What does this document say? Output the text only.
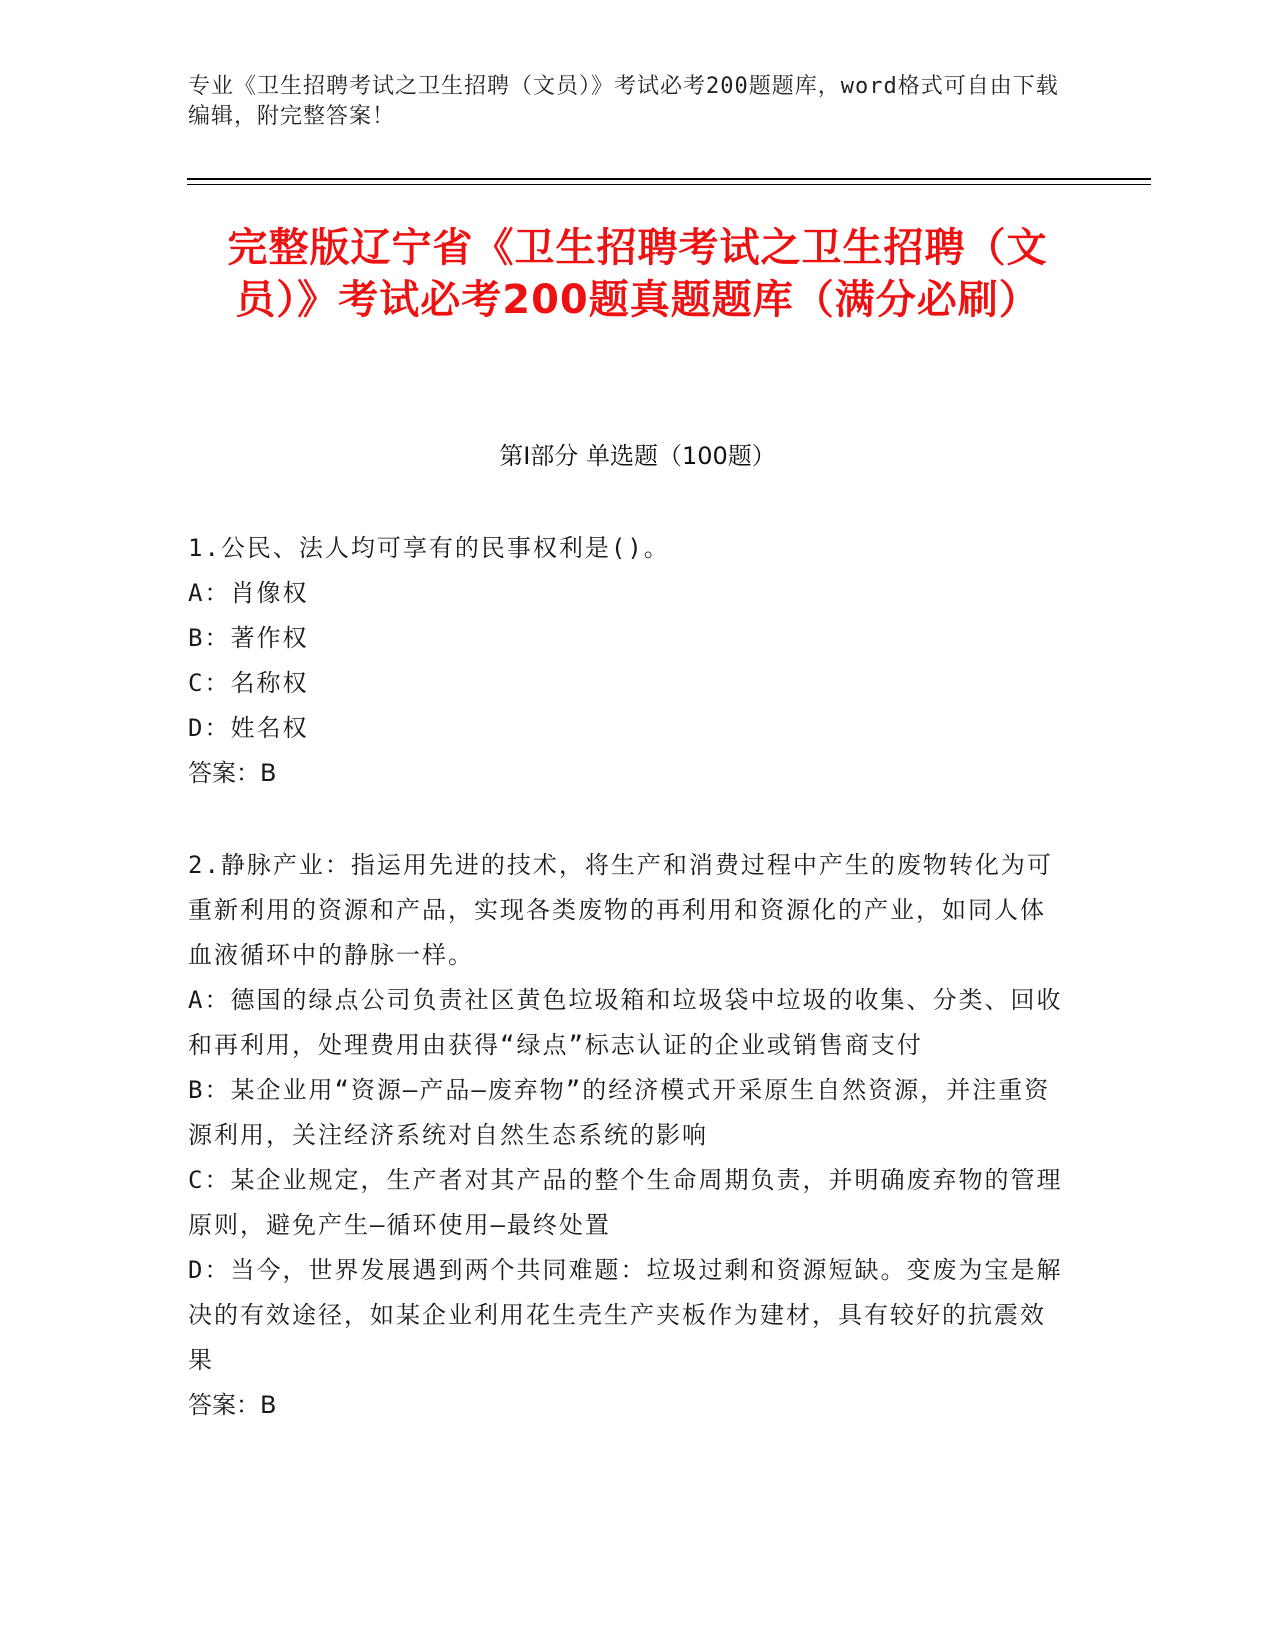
专业《卫生招聘考试之卫生招聘（文员）》考试必考200题题库，word格式可自由下载编辑，附完整答案！
完整版辽宁省《卫生招聘考试之卫生招聘（文员）》考试必考200题真题题库（满分必刷）
第Ⅰ部分 单选题（100题）
1.公民、法人均可享有的民事权利是()。
A：肖像权
B：著作权
C：名称权
D：姓名权
答案：B
2.静脉产业：指运用先进的技术，将生产和消费过程中产生的废物转化为可重新利用的资源和产品，实现各类废物的再利用和资源化的产业，如同人体血液循环中的静脉一样。
A：德国的绿点公司负责社区黄色垃圾箱和垃圾袋中垃圾的收集、分类、回收和再利用，处理费用由获得“绿点”标志认证的企业或销售商支付
B：某企业用“资源—产品—废弃物”的经济模式开采原生自然资源，并注重资源利用，关注经济系统对自然生态系统的影响
C：某企业规定，生产者对其产品的整个生命周期负责，并明确废弃物的管理原则，避免产生—循环使用—最终处置
D：当今，世界发展遇到两个共同难题：垃圾过剩和资源短缺。变废为宝是解决的有效途径，如某企业利用花生壳生产夹板作为建材，具有较好的抗震效果
答案：B
